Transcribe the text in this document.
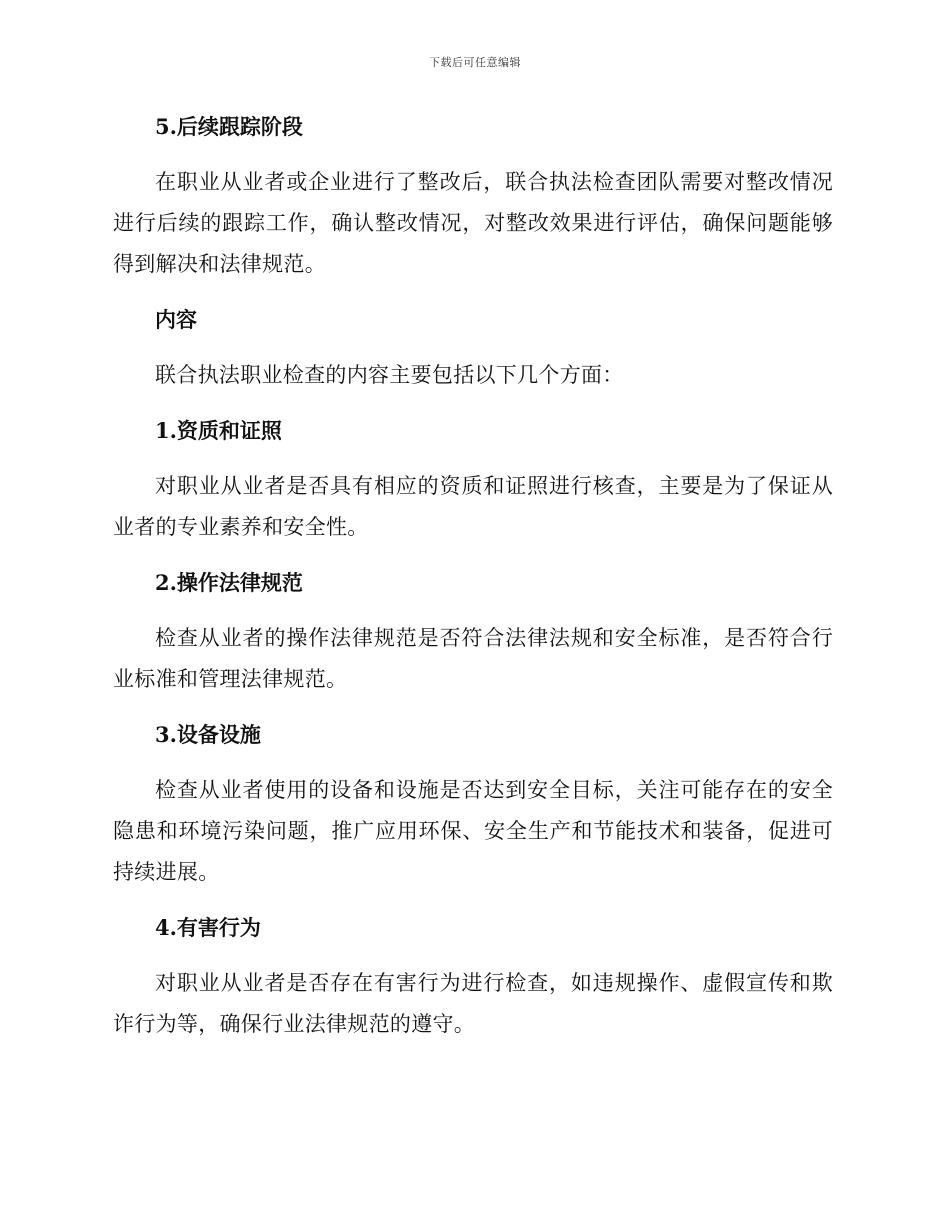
下载后可任意编辑
5.后续跟踪阶段

在职业从业者或企业进行了整改后，联合执法检查团队需要对整改情况进行后续的跟踪工作，确认整改情况，对整改效果进行评估，确保问题能够得到解决和法律规范。

内容

联合执法职业检查的内容主要包括以下几个方面：

1.资质和证照

对职业从业者是否具有相应的资质和证照进行核查，主要是为了保证从业者的专业素养和安全性。

2.操作法律规范

检查从业者的操作法律规范是否符合法律法规和安全标准，是否符合行业标准和管理法律规范。

3.设备设施

检查从业者使用的设备和设施是否达到安全目标，关注可能存在的安全隐患和环境污染问题，推广应用环保、安全生产和节能技术和装备，促进可持续进展。

4.有害行为

对职业从业者是否存在有害行为进行检查，如违规操作、虚假宣传和欺诈行为等，确保行业法律规范的遵守。
